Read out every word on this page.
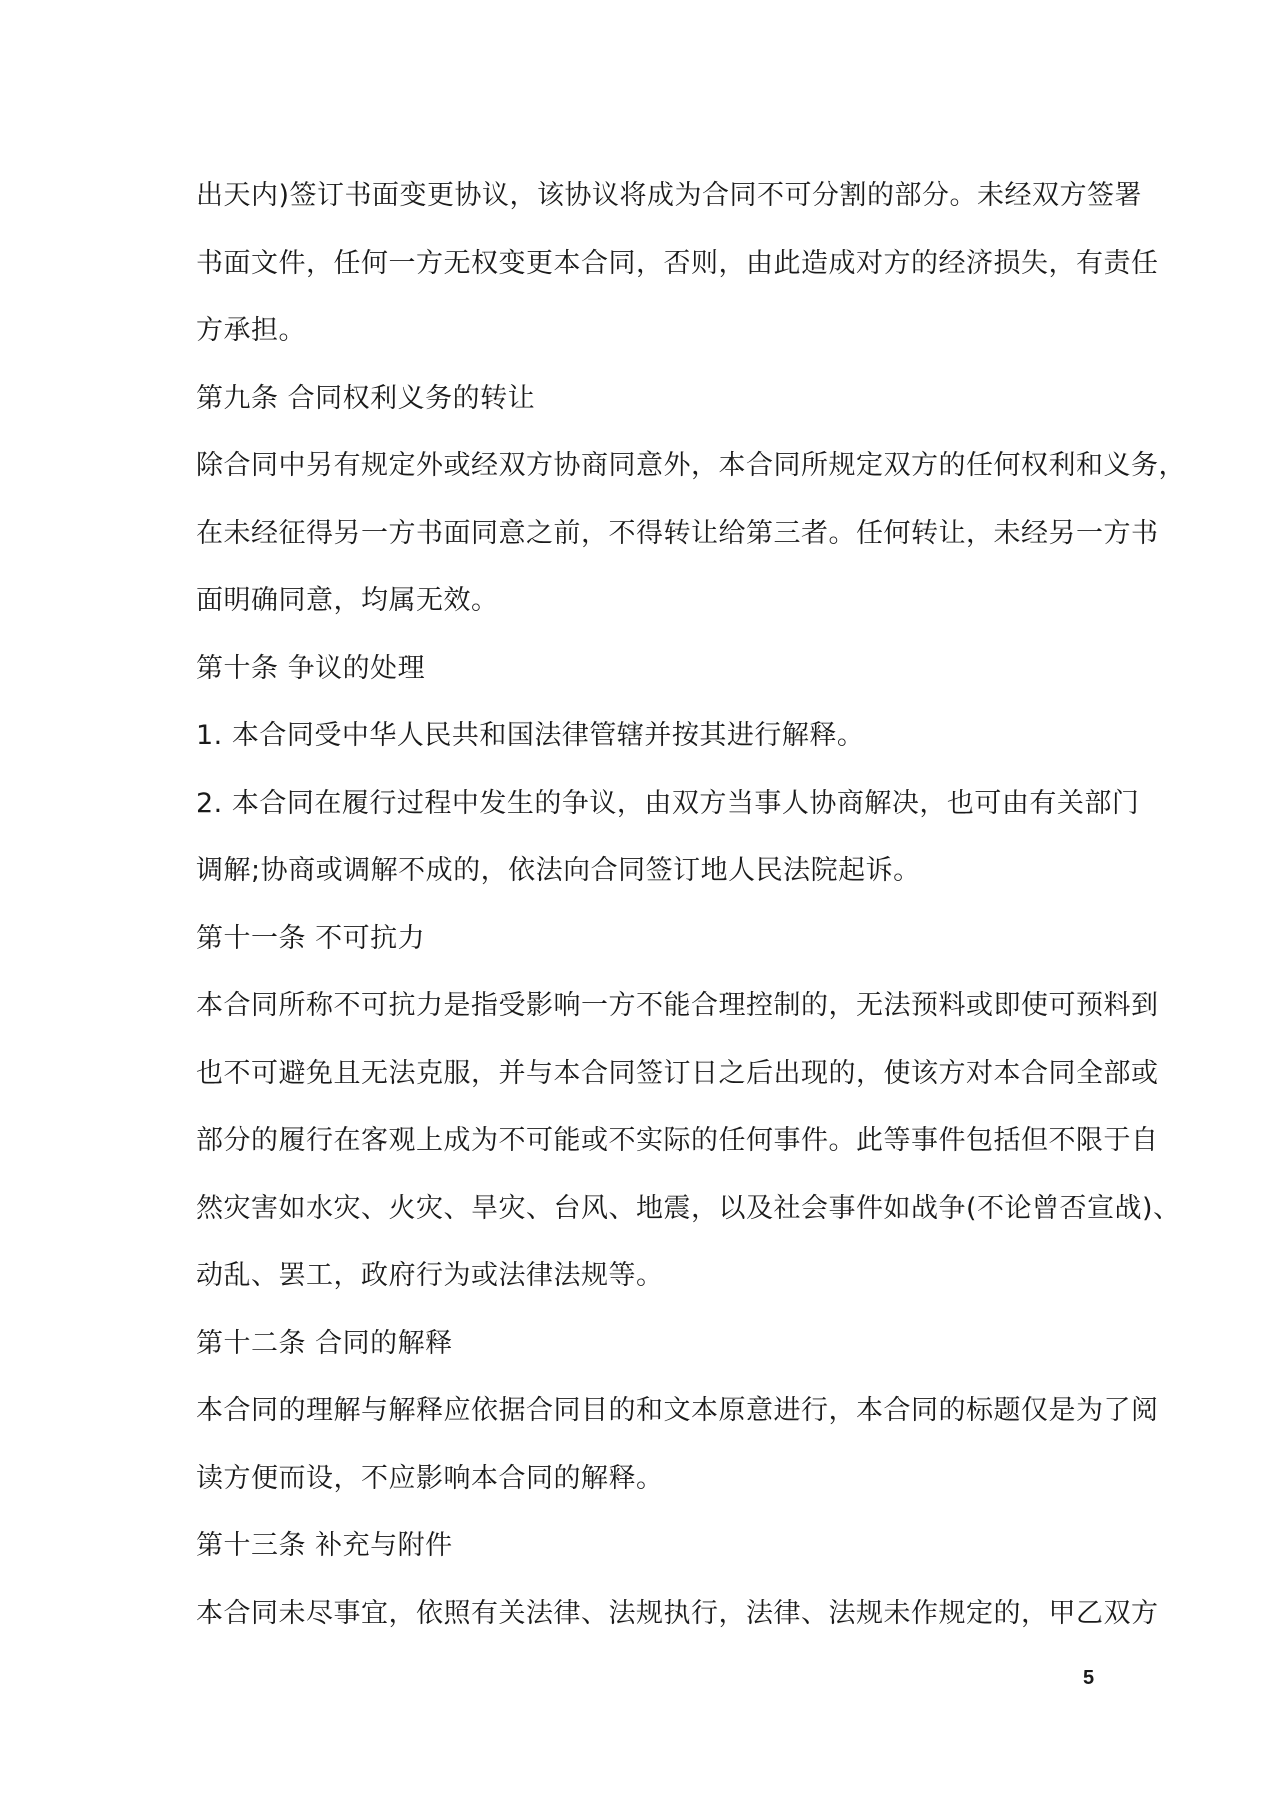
出天内)签订书面变更协议，该协议将成为合同不可分割的部分。未经双方签署
书面文件，任何一方无权变更本合同，否则，由此造成对方的经济损失，有责任
方承担。
第九条 合同权利义务的转让
除合同中另有规定外或经双方协商同意外，本合同所规定双方的任何权利和义务，
在未经征得另一方书面同意之前，不得转让给第三者。任何转让，未经另一方书
面明确同意，均属无效。
第十条 争议的处理
1. 本合同受中华人民共和国法律管辖并按其进行解释。
2. 本合同在履行过程中发生的争议，由双方当事人协商解决，也可由有关部门
调解;协商或调解不成的，依法向合同签订地人民法院起诉。
第十一条 不可抗力
本合同所称不可抗力是指受影响一方不能合理控制的，无法预料或即使可预料到
也不可避免且无法克服，并与本合同签订日之后出现的，使该方对本合同全部或
部分的履行在客观上成为不可能或不实际的任何事件。此等事件包括但不限于自
然灾害如水灾、火灾、旱灾、台风、地震，以及社会事件如战争(不论曾否宣战)、
动乱、罢工，政府行为或法律法规等。
第十二条 合同的解释
本合同的理解与解释应依据合同目的和文本原意进行，本合同的标题仅是为了阅
读方便而设，不应影响本合同的解释。
第十三条 补充与附件
本合同未尽事宜，依照有关法律、法规执行，法律、法规未作规定的，甲乙双方
5
